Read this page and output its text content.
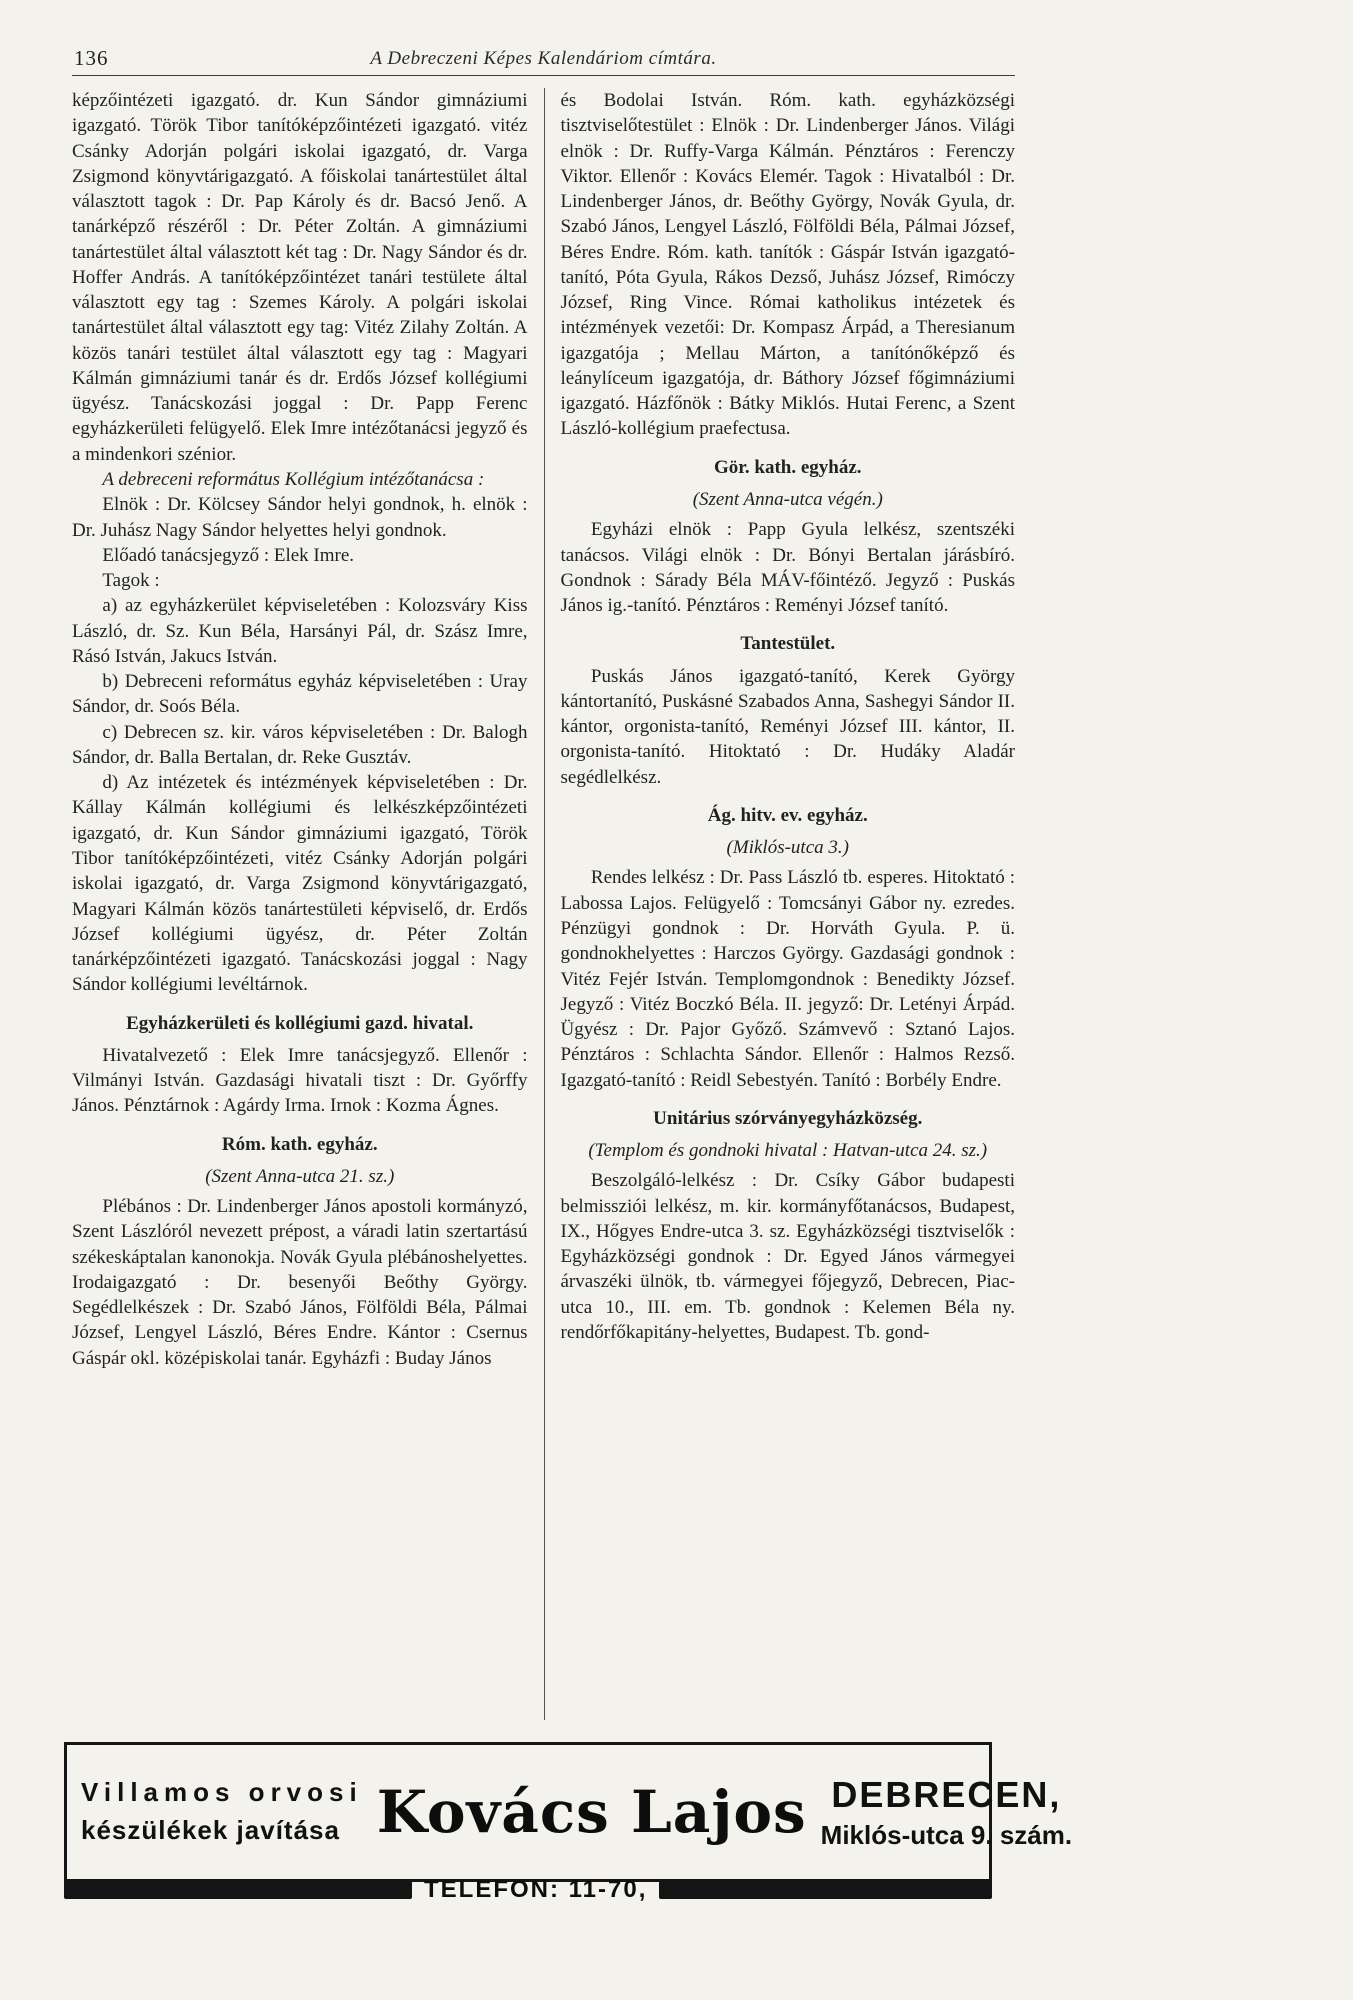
136	A Debreczeni Képes Kalendáriom címtára.

képzőintézeti igazgató. dr. Kun Sándor gimnáziumi igazgató. Török Tibor tanítóképzőintézeti igazgató. vitéz Csánky Adorján polgári iskolai igazgató, dr. Varga Zsigmond könyvtárigazgató. A főiskolai tanártestület által választott tagok : Dr. Pap Károly és dr. Bacsó Jenő. A tanárképző részéről : Dr. Péter Zoltán. A gimnáziumi tanártestület által választott két tag : Dr. Nagy Sándor és dr. Hoffer András. A tanítóképzőintézet tanári testülete által választott egy tag : Szemes Károly. A polgári iskolai tanártestület által választott egy tag: Vitéz Zilahy Zoltán. A közös tanári testület által választott egy tag : Magyari Kálmán gimnáziumi tanár és dr. Erdős József kollégiumi ügyész. Tanácskozási joggal : Dr. Papp Ferenc egyházkerületi felügyelő. Elek Imre intézőtanácsi jegyző és a mindenkori szénior.

A debreceni református Kollégium intézőtanácsa :

Elnök : Dr. Kölcsey Sándor helyi gondnok, h. elnök : Dr. Juhász Nagy Sándor helyettes helyi gondnok.

Előadó tanácsjegyző : Elek Imre.

Tagok :

a) az egyházkerület képviseletében : Kolozsváry Kiss László, dr. Sz. Kun Béla, Harsányi Pál, dr. Szász Imre, Rásó István, Jakucs István.

b) Debreceni református egyház képviseletében : Uray Sándor, dr. Soós Béla.

c) Debrecen sz. kir. város képviseletében : Dr. Balogh Sándor, dr. Balla Bertalan, dr. Reke Gusztáv.

d) Az intézetek és intézmények képviseletében : Dr. Kállay Kálmán kollégiumi és lelkészképzőintézeti igazgató, dr. Kun Sándor gimnáziumi igazgató, Török Tibor tanítóképzőintézeti, vitéz Csánky Adorján polgári iskolai igazgató, dr. Varga Zsigmond könyvtárigazgató, Magyari Kálmán közös tanártestületi képviselő, dr. Erdős József kollégiumi ügyész, dr. Péter Zoltán tanárképzőintézeti igazgató. Tanácskozási joggal : Nagy Sándor kollégiumi levéltárnok.

Egyházkerületi és kollégiumi gazd. hivatal.

Hivatalvezető : Elek Imre tanácsjegyző. Ellenőr : Vilmányi István. Gazdasági hivatali tiszt : Dr. Győrffy János. Pénztárnok : Agárdy Irma. Irnok : Kozma Ágnes.

Róm. kath. egyház.

(Szent Anna-utca 21. sz.)

Plébános : Dr. Lindenberger János apostoli kormányzó, Szent Lászlóról nevezett prépost, a váradi latin szertartású székeskáptalan kanonokja. Novák Gyula plébánoshelyettes. Irodaigazgató : Dr. besenyői Beőthy György. Segédlelkészek : Dr. Szabó János, Fölföldi Béla, Pálmai József, Lengyel László, Béres Endre. Kántor : Csernus Gáspár okl. középiskolai tanár. Egyházfi : Buday János

és Bodolai István. Róm. kath. egyházközségi tisztviselőtestület : Elnök : Dr. Lindenberger János. Világi elnök : Dr. Ruffy-Varga Kálmán. Pénztáros : Ferenczy Viktor. Ellenőr : Kovács Elemér. Tagok : Hivatalból : Dr. Lindenberger János, dr. Beőthy György, Novák Gyula, dr. Szabó János, Lengyel László, Fölföldi Béla, Pálmai József, Béres Endre. Róm. kath. tanítók : Gáspár István igazgató-tanító, Póta Gyula, Rákos Dezső, Juhász József, Rimóczy József, Ring Vince. Római katholikus intézetek és intézmények vezetői: Dr. Kompasz Árpád, a Theresianum igazgatója ; Mellau Márton, a tanítónőképző és leánylíceum igazgatója, dr. Báthory József főgimnáziumi igazgató. Házfőnök : Bátky Miklós. Hutai Ferenc, a Szent László-kollégium praefectusa.

Gör. kath. egyház.

(Szent Anna-utca végén.)

Egyházi elnök : Papp Gyula lelkész, szentszéki tanácsos. Világi elnök : Dr. Bónyi Bertalan járásbíró. Gondnok : Sárady Béla MÁV-főintéző. Jegyző : Puskás János ig.-tanító. Pénztáros : Reményi József tanító.

Tantestület.

Puskás János igazgató-tanító, Kerek György kántortanító, Puskásné Szabados Anna, Sashegyi Sándor II. kántor, orgonista-tanító, Reményi József III. kántor, II. orgonista-tanító. Hitoktató : Dr. Hudáky Aladár segédlelkész.

Ág. hitv. ev. egyház.

(Miklós-utca 3.)

Rendes lelkész : Dr. Pass László tb. esperes. Hitoktató : Labossa Lajos. Felügyelő : Tomcsányi Gábor ny. ezredes. Pénzügyi gondnok : Dr. Horváth Gyula. P. ü. gondnokhelyettes : Harczos György. Gazdasági gondnok : Vitéz Fejér István. Templomgondnok : Benedikty József. Jegyző : Vitéz Boczkó Béla. II. jegyző: Dr. Letényi Árpád. Ügyész : Dr. Pajor Győző. Számvevő : Sztanó Lajos. Pénztáros : Schlachta Sándor. Ellenőr : Halmos Rezső. Igazgató-tanító : Reidl Sebestyén. Tanító : Borbély Endre.

Unitárius szórványegyházközség.

(Templom és gondnoki hivatal : Hatvan-utca 24. sz.)

Beszolgáló-lelkész : Dr. Csíky Gábor budapesti belmissziói lelkész, m. kir. kormányfőtanácsos, Budapest, IX., Hőgyes Endre-utca 3. sz. Egyházközségi tisztviselők : Egyházközségi gondnok : Dr. Egyed János vármegyei árvaszéki ülnök, tb. vármegyei főjegyző, Debrecen, Piac-utca 10., III. em. Tb. gondnok : Kelemen Béla ny. rendőrfőkapitány-helyettes, Budapest. Tb. gond-

Villamos orvosi
készülékek javítása Kovács Lajos DEBRECEN,
Miklós-utca 9. szám.
TELEFON: 11-70,
